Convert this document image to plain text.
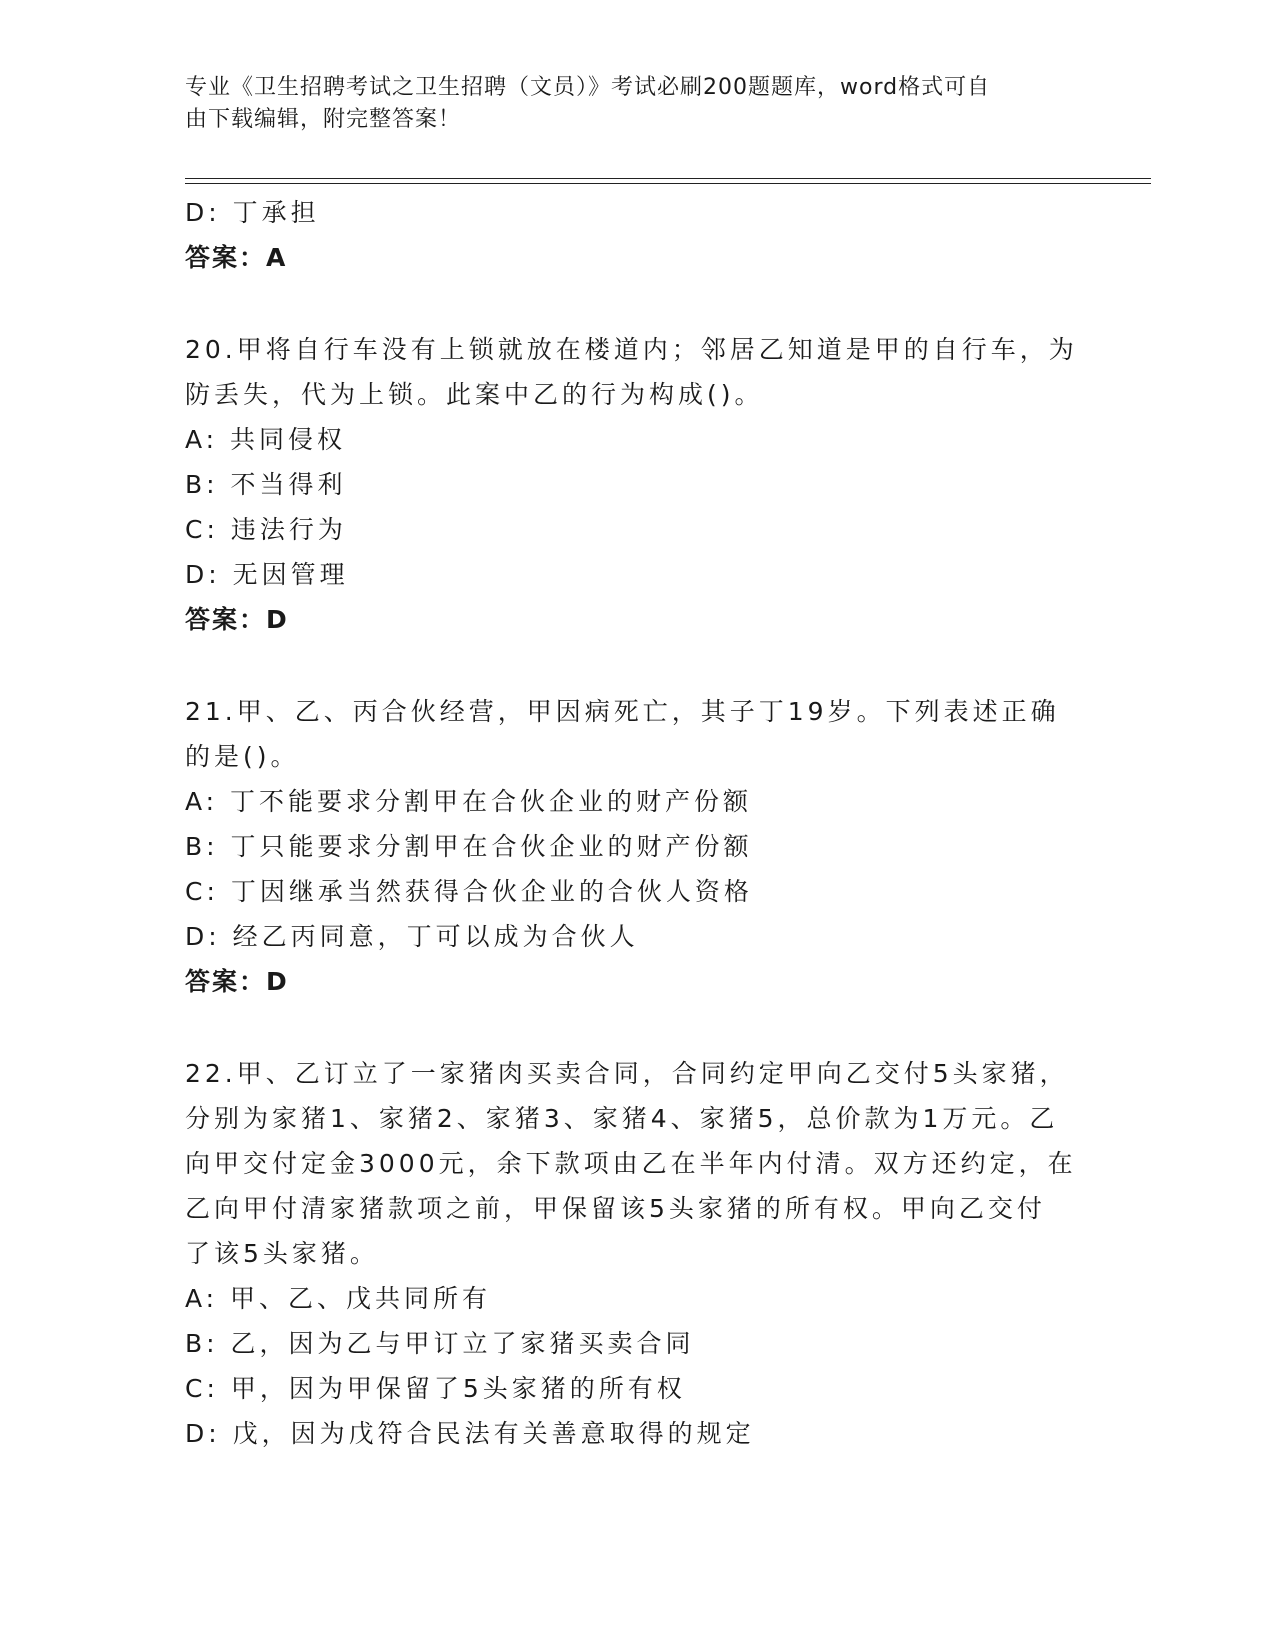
专业《卫生招聘考试之卫生招聘（文员）》考试必刷200题题库，word格式可自
由下载编辑，附完整答案！
D: 丁承担
答案：A
20.甲将自行车没有上锁就放在楼道内；邻居乙知道是甲的自行车，为
防丢失，代为上锁。此案中乙的行为构成()。
A: 共同侵权
B: 不当得利
C: 违法行为
D: 无因管理
答案：D
21.甲、乙、丙合伙经营，甲因病死亡，其子丁19岁。下列表述正确
的是()。
A: 丁不能要求分割甲在合伙企业的财产份额
B: 丁只能要求分割甲在合伙企业的财产份额
C: 丁因继承当然获得合伙企业的合伙人资格
D: 经乙丙同意，丁可以成为合伙人
答案：D
22.甲、乙订立了一家猪肉买卖合同，合同约定甲向乙交付5头家猪，
分别为家猪1、家猪2、家猪3、家猪4、家猪5，总价款为1万元。乙
向甲交付定金3000元，余下款项由乙在半年内付清。双方还约定，在
乙向甲付清家猪款项之前，甲保留该5头家猪的所有权。甲向乙交付
了该5头家猪。
A: 甲、乙、戊共同所有
B: 乙，因为乙与甲订立了家猪买卖合同
C: 甲，因为甲保留了5头家猪的所有权
D: 戊，因为戊符合民法有关善意取得的规定
